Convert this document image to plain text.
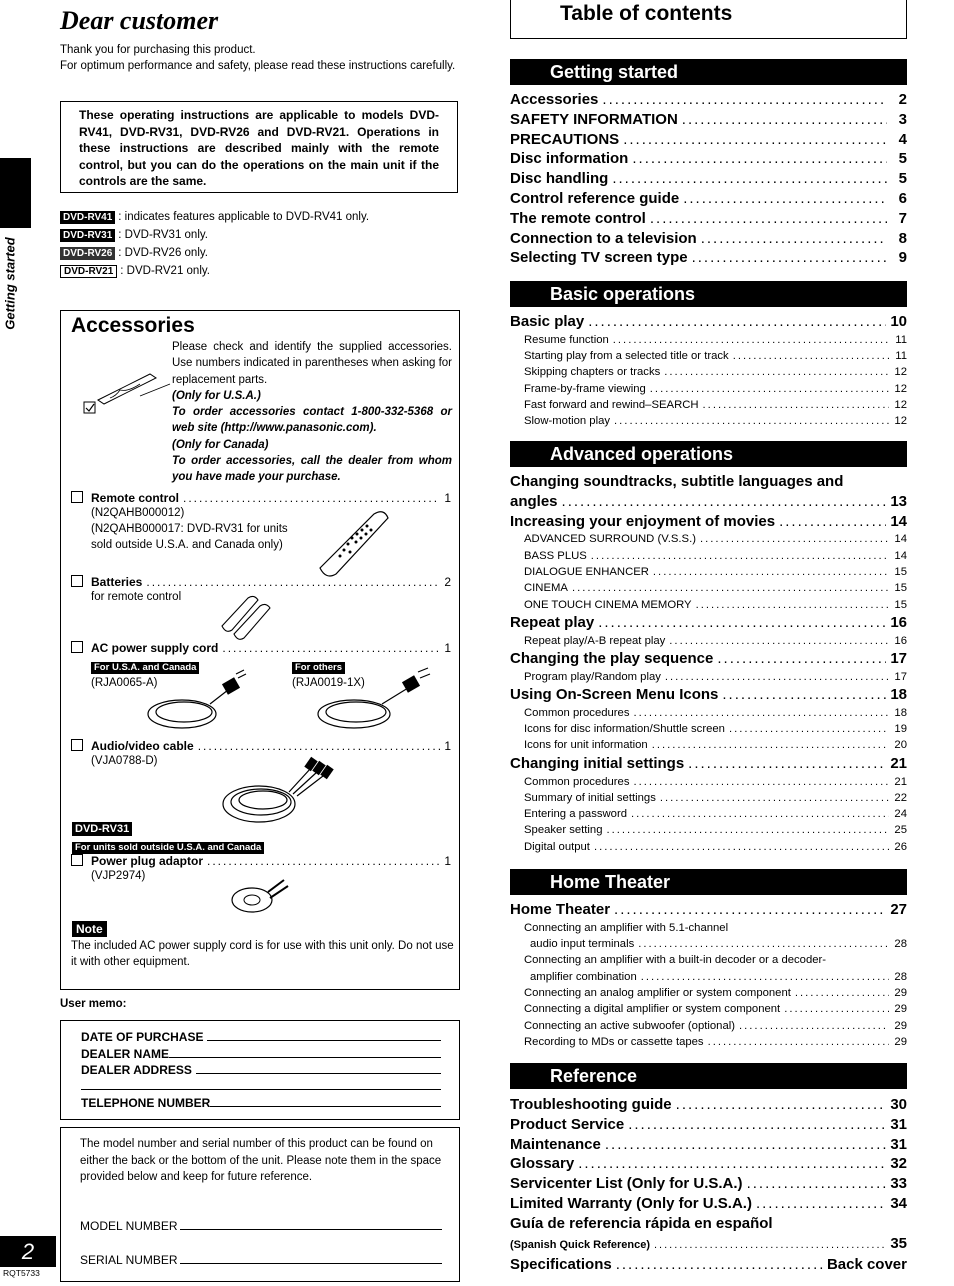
Dear customer
Thank you for purchasing this product.
For optimum performance and safety, please read these instructions carefully.
These operating instructions are applicable to models DVD-RV41, DVD-RV31, DVD-RV26 and DVD-RV21. Operations in these instructions are described mainly with the remote control, but you can do the operations on the main unit if the controls are the same.
DVD-RV41 : indicates features applicable to DVD-RV41 only.
DVD-RV31 : DVD-RV31 only.
DVD-RV26 : DVD-RV26 only.
DVD-RV21 : DVD-RV21 only.
Getting started	Accessories
Please check and identify the supplied accessories. Use numbers indicated in parentheses when asking for replacement parts.
(Only for U.S.A.)
To order accessories contact 1-800-332-5368 or web site (http://www.panasonic.com).
(Only for Canada)
To order accessories, call the dealer from whom you have made your purchase.
Remote control .....	1
(N2QAHB000012)
(N2QAHB000017: DVD-RV31 for units
sold outside U.S.A. and Canada only)
Batteries .....	2
for remote control
AC power supply cord .....	1
For U.S.A. and Canada
(RJA0065-A)
For others
(RJA0019-1X)
Audio/video cable .....	1
(VJA0788-D)
DVD-RV31
For units sold outside U.S.A. and Canada
Power plug adaptor .....	1
(VJP2974)
Note
The included AC power supply cord is for use with this unit only. Do not use it with other equipment.
User memo:
DATE OF PURCHASE
DEALER NAME
DEALER ADDRESS
TELEPHONE NUMBER
The model number and serial number of this product can be found on either the back or the bottom of the unit. Please note them in the space provided below and keep for future reference.
MODEL NUMBER
SERIAL NUMBER
2
RQT5733
Table of contents
Getting started
Accessories .....	2
SAFETY INFORMATION .....	3
PRECAUTIONS .....	4
Disc information .....	5
Disc handling .....	5
Control reference guide .....	6
The remote control .....	7
Connection to a television .....	8
Selecting TV screen type .....	9
Basic operations
Basic play .....	10
Resume function .....	11
Starting play from a selected title or track .....	11
Skipping chapters or tracks .....	12
Frame-by-frame viewing .....	12
Fast forward and rewind–SEARCH .....	12
Slow-motion play .....	12
Advanced operations
Changing soundtracks, subtitle languages and
angles .....	13
Increasing your enjoyment of movies .....	14
ADVANCED SURROUND (V.S.S.) .....	14
BASS PLUS .....	14
DIALOGUE ENHANCER .....	15
CINEMA .....	15
ONE TOUCH CINEMA MEMORY .....	15
Repeat play .....	16
Repeat play/A-B repeat play .....	16
Changing the play sequence .....	17
Program play/Random play .....	17
Using On-Screen Menu Icons .....	18
Common procedures .....	18
Icons for disc information/Shuttle screen .....	19
Icons for unit information .....	20
Changing initial settings .....	21
Common procedures .....	21
Summary of initial settings .....	22
Entering a password .....	24
Speaker setting .....	25
Digital output .....	26
Home Theater
Home Theater .....	27
Connecting an amplifier with 5.1-channel
audio input terminals .....	28
Connecting an amplifier with a built-in decoder or a decoder-
amplifier combination .....	28
Connecting an analog amplifier or system component .....	29
Connecting a digital amplifier or system component .....	29
Connecting an active subwoofer (optional) .....	29
Recording to MDs or cassette tapes .....	29
Reference
Troubleshooting guide .....	30
Product Service .....	31
Maintenance .....	31
Glossary .....	32
Servicenter List (Only for U.S.A.) .....	33
Limited Warranty (Only for U.S.A.) .....	34
Guía de referencia rápida en español
(Spanish Quick Reference) .....	35
Specifications .....	Back cover
